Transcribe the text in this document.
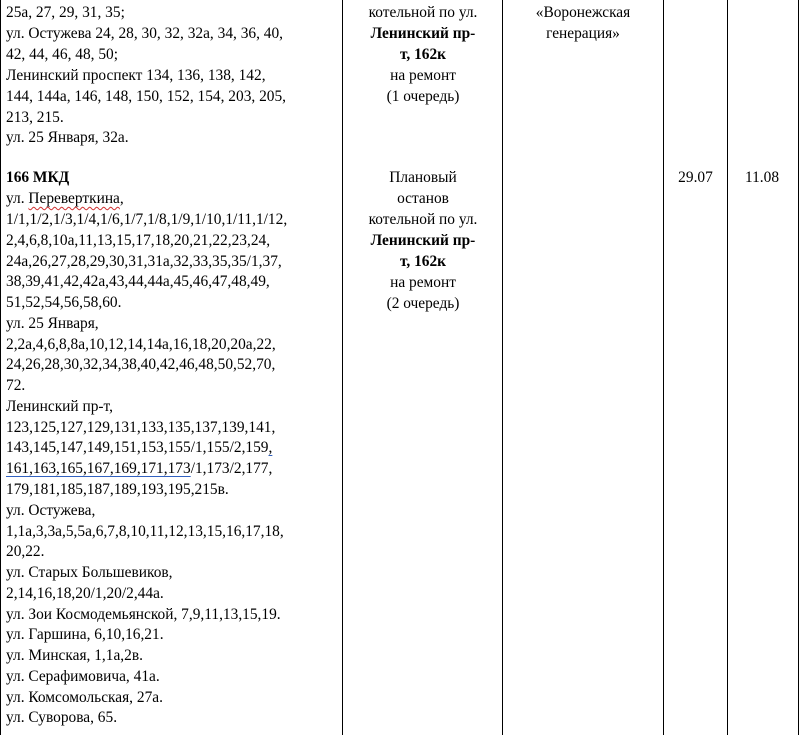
25а, 27, 29, 31, 35;
ул. Остужева 24, 28, 30, 32, 32а, 34, 36, 40,
42, 44, 46, 48, 50;
Ленинский проспект 134, 136, 138, 142,
144, 144а, 146, 148, 150, 152, 154, 203, 205,
213, 215.
ул. 25 Января, 32а.
166 МКД
ул. Переверткина,
1/1,1/2,1/3,1/4,1/6,1/7,1/8,1/9,1/10,1/11,1/12,
2,4,6,8,10а,11,13,15,17,18,20,21,22,23,24,
24а,26,27,28,29,30,31,31а,32,33,35,35/1,37,
38,39,41,42,42а,43,44,44а,45,46,47,48,49,
51,52,54,56,58,60.
ул. 25 Января,
2,2а,4,6,8,8а,10,12,14,14а,16,18,20,20а,22,
24,26,28,30,32,34,38,40,42,46,48,50,52,70,
72.
Ленинский пр-т,
123,125,127,129,131,133,135,137,139,141,
143,145,147,149,151,153,155/1,155/2,159,
161,163,165,167,169,171,173/1,173/2,177,
179,181,185,187,189,193,195,215в.
ул. Остужева,
1,1а,3,3а,5,5а,6,7,8,10,11,12,13,15,16,17,18,
20,22.
ул. Старых Большевиков,
2,14,16,18,20/1,20/2,44а.
ул. Зои Космодемьянской, 7,9,11,13,15,19.
ул. Гаршина, 6,10,16,21.
ул. Минская, 1,1а,2в.
ул. Серафимовича, 41а.
ул. Комсомольская, 27а.
ул. Суворова, 65.
котельной по ул.
Ленинский пр-
т, 162к
на ремонт
(1 очередь)
Плановый
останов
котельной по ул.
Ленинский пр-
т, 162к
на ремонт
(2 очередь)
«Воронежская
генерация»
29.07	11.08
